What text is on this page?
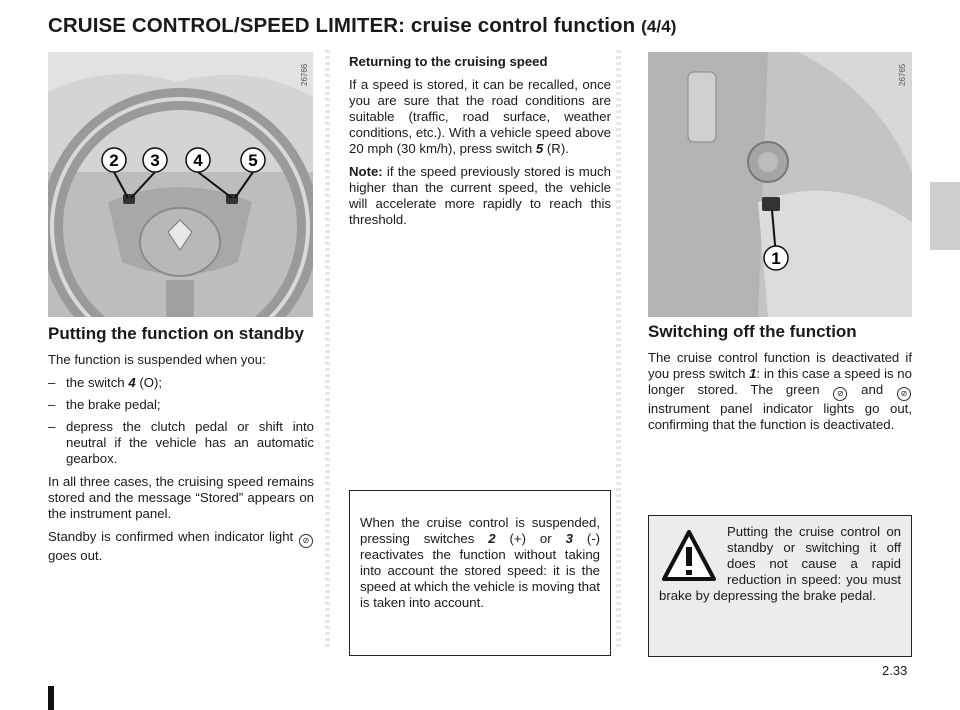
CRUISE CONTROL/SPEED LIMITER: cruise control function (4/4)
2 3 4	5
26766
1
26765
Putting the function on standby

The function is suspended when you:

– the switch 4 (O);
– the brake pedal;
– depress the clutch pedal or shift into neutral if the vehicle has an automatic gearbox.

In all three cases, the cruising speed remains stored and the message “Stored” appears on the instrument panel.

Standby is confirmed when indicator light ⊘ goes out.

Returning to the cruising speed

If a speed is stored, it can be recalled, once you are sure that the road conditions are suitable (traffic, road surface, weather conditions, etc.). With a vehicle speed above 20 mph (30 km/h), press switch 5 (R).

Note: if the speed previously stored is much higher than the current speed, the vehicle will accelerate more rapidly to reach this threshold.

When the cruise control is suspended, pressing switches 2 (+) or 3 (-) reactivates the function without taking into account the stored speed: it is the speed at which the vehicle is moving that is taken into account.

Switching off the function

The cruise control function is deactivated if you press switch 1: in this case a speed is no longer stored. The green ⊘ and ⊘ instrument panel indicator lights go out, confirming that the function is deactivated.

Putting the cruise control on standby or switching it off does not cause a rapid reduction in speed: you must brake by depressing the brake pedal.

2.33
